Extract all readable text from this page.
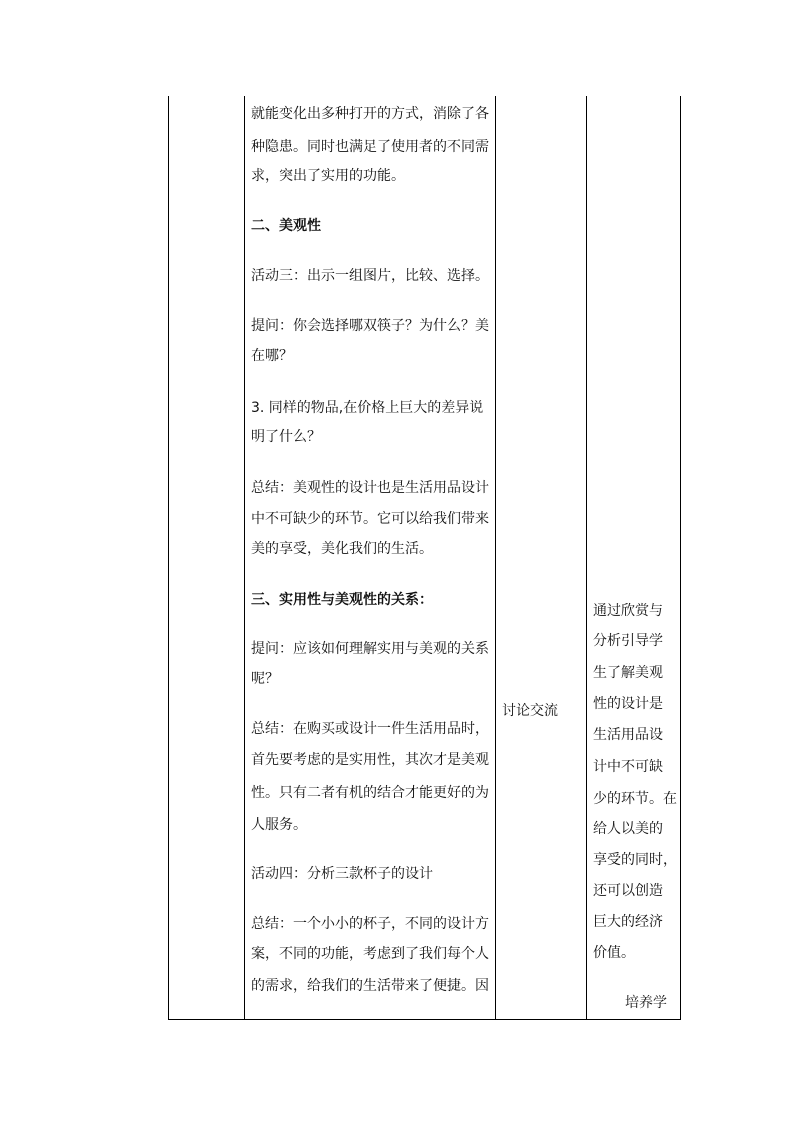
就能变化出多种打开的方式，消除了各
种隐患。同时也满足了使用者的不同需
求，突出了实用的功能。
二、美观性
活动三：出示一组图片，比较、选择。
提问：你会选择哪双筷子？为什么？美
在哪？
3. 同样的物品,在价格上巨大的差异说
明了什么？
总结：美观性的设计也是生活用品设计
中不可缺少的环节。它可以给我们带来
美的享受，美化我们的生活。
三、实用性与美观性的关系：
提问：应该如何理解实用与美观的关系
呢？
总结：在购买或设计一件生活用品时，
首先要考虑的是实用性，其次才是美观
性。只有二者有机的结合才能更好的为
人服务。
活动四：分析三款杯子的设计
总结：一个小小的杯子，不同的设计方
案，不同的功能，考虑到了我们每个人
的需求，给我们的生活带来了便捷。因
讨论交流
通过欣赏与
分析引导学
生了解美观
性的设计是
生活用品设
计中不可缺
少的环节。在
给人以美的
享受的同时，
还可以创造
巨大的经济
价值。
培养学
